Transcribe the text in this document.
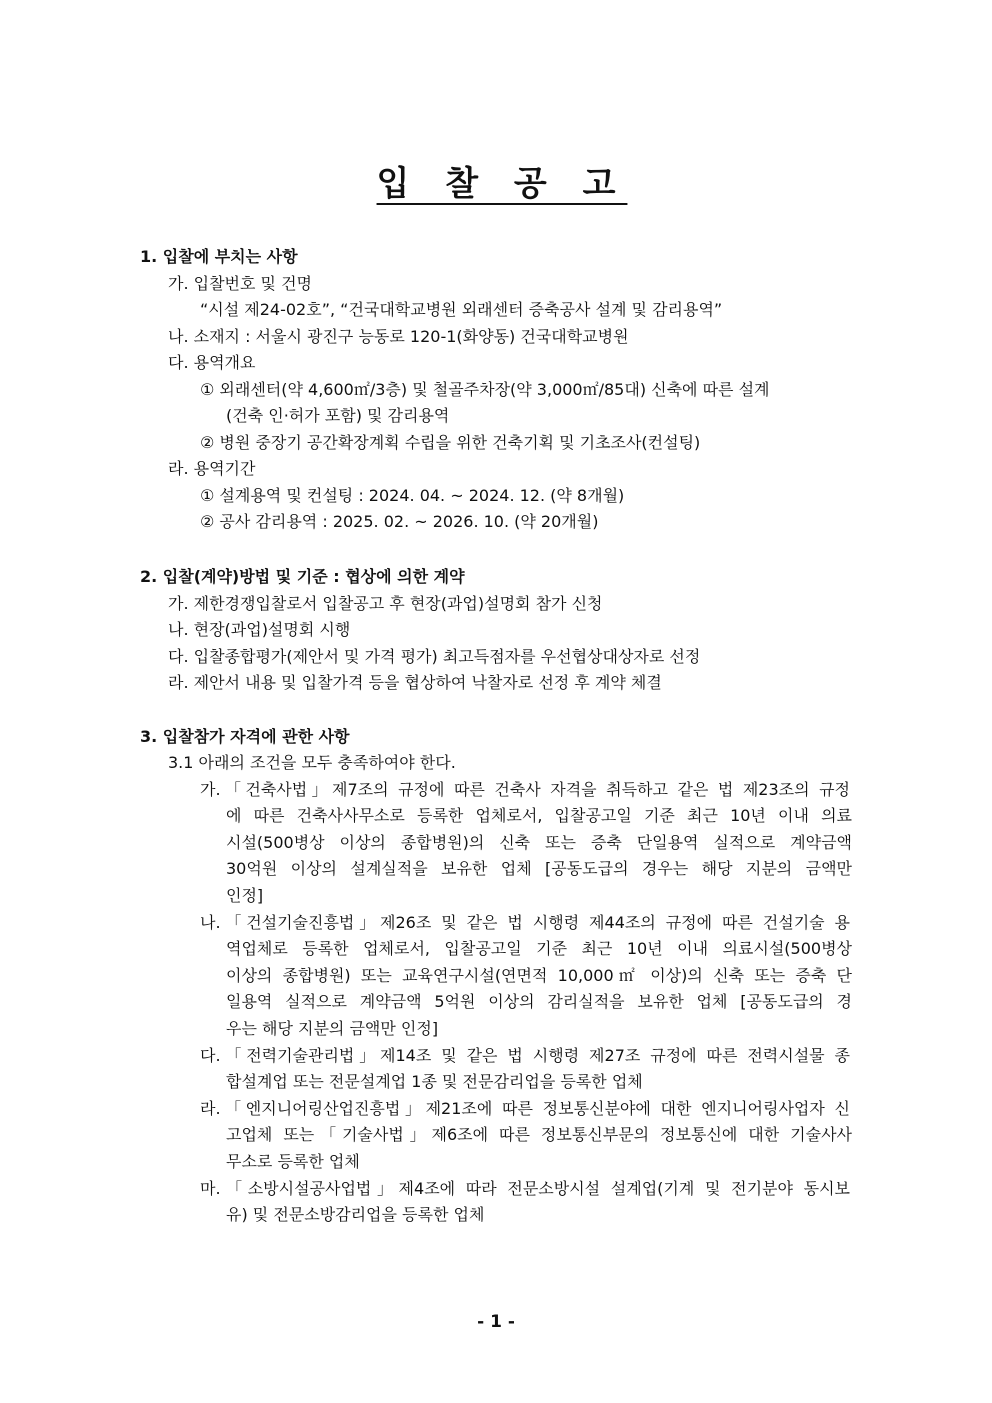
입 찰 공 고
1. 입찰에 부치는 사항
가. 입찰번호 및 건명
“시설 제24-02호”, “건국대학교병원 외래센터 증축공사 설계 및 감리용역”
나. 소재지 : 서울시 광진구 능동로 120-1(화양동) 건국대학교병원
다. 용역개요
① 외래센터(약 4,600㎡/3층) 및 철골주차장(약 3,000㎡/85대) 신축에 따른 설계
(건축 인·허가 포함) 및 감리용역
② 병원 중장기 공간확장계획 수립을 위한 건축기획 및 기초조사(컨설팅)
라. 용역기간
① 설계용역 및 컨설팅 : 2024. 04. ~ 2024. 12. (약 8개월)
② 공사 감리용역 : 2025. 02. ~ 2026. 10. (약 20개월)
2. 입찰(계약)방법 및 기준 : 협상에 의한 계약
가. 제한경쟁입찰로서 입찰공고 후 현장(과업)설명회 참가 신청
나. 현장(과업)설명회 시행
다. 입찰종합평가(제안서 및 가격 평가) 최고득점자를 우선협상대상자로 선정
라. 제안서 내용 및 입찰가격 등을 협상하여 낙찰자로 선정 후 계약 체결
3. 입찰참가 자격에 관한 사항
3.1 아래의 조건을 모두 충족하여야 한다.
가.「건축사법」제7조의 규정에 따른 건축사 자격을 취득하고 같은 법 제23조의 규정
에 따른 건축사사무소로 등록한 업체로서, 입찰공고일 기준 최근 10년 이내 의료
시설(500병상 이상의 종합병원)의 신축 또는 증축 단일용역 실적으로 계약금액
30억원 이상의 설계실적을 보유한 업체 [공동도급의 경우는 해당 지분의 금액만
인정]
나.「건설기술진흥법」제26조 및 같은 법 시행령 제44조의 규정에 따른 건설기술 용
역업체로 등록한 업체로서, 입찰공고일 기준 최근 10년 이내 의료시설(500병상
이상의 종합병원) 또는 교육연구시설(연면적 10,000㎡ 이상)의 신축 또는 증축 단
일용역 실적으로 계약금액 5억원 이상의 감리실적을 보유한 업체 [공동도급의 경
우는 해당 지분의 금액만 인정]
다.「전력기술관리법」제14조 및 같은 법 시행령 제27조 규정에 따른 전력시설물 종
합설계업 또는 전문설계업 1종 및 전문감리업을 등록한 업체
라.「엔지니어링산업진흥법」제21조에 따른 정보통신분야에 대한 엔지니어링사업자 신
고업체 또는「기술사법」제6조에 따른 정보통신부문의 정보통신에 대한 기술사사
무소로 등록한 업체
마.「소방시설공사업법」제4조에 따라 전문소방시설 설계업(기계 및 전기분야 동시보
유) 및 전문소방감리업을 등록한 업체
- 1 -
